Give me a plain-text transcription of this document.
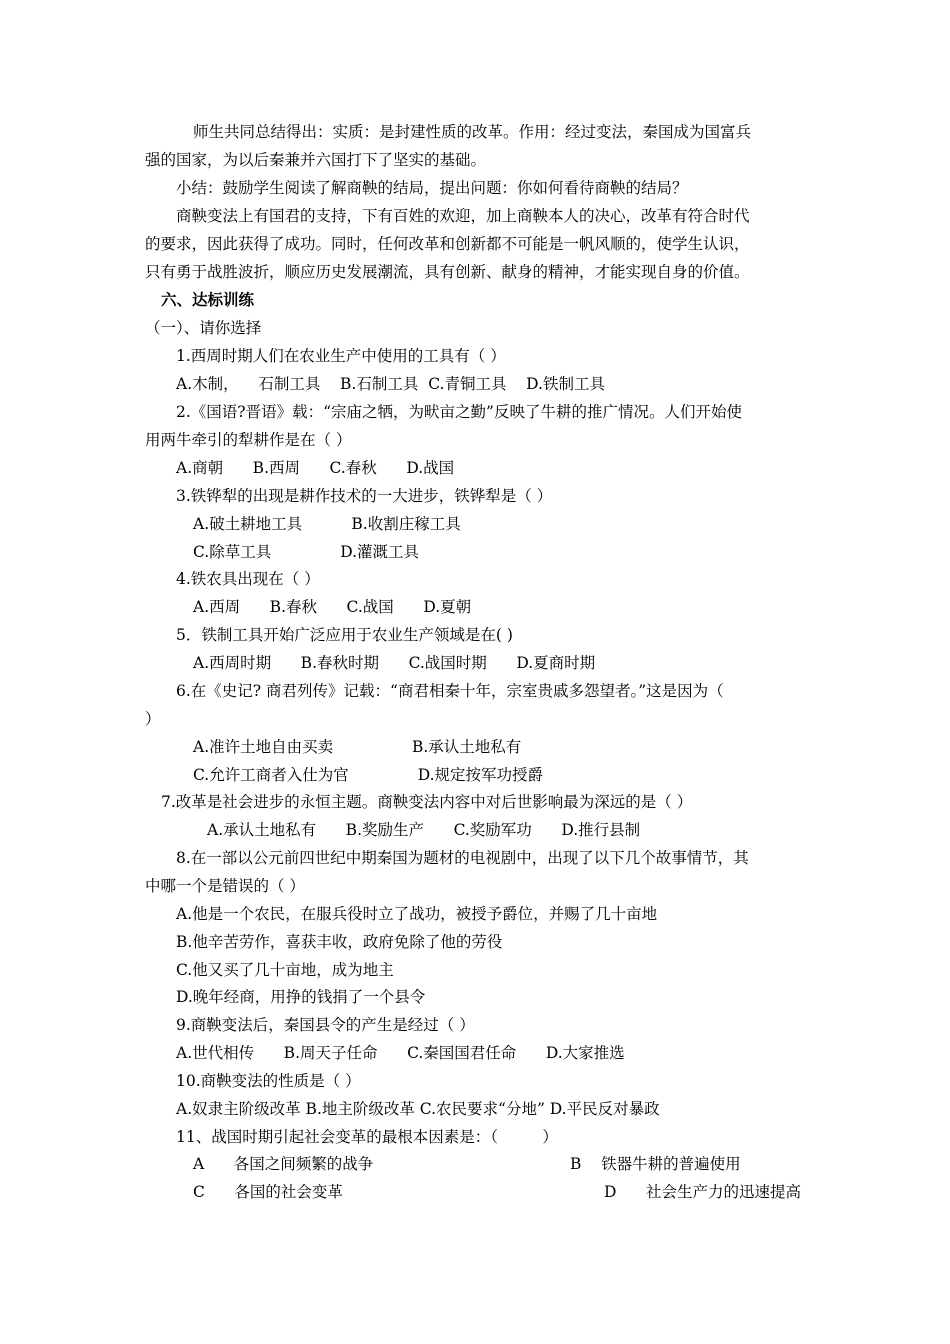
师生共同总结得出：实质：是封建性质的改革。作用：经过变法，秦国成为国富兵
强的国家，为以后秦兼并六国打下了坚实的基础。
小结：鼓励学生阅读了解商鞅的结局，提出问题：你如何看待商鞅的结局？
商鞅变法上有国君的支持，下有百姓的欢迎，加上商鞅本人的决心，改革有符合时代
的要求，因此获得了成功。同时，任何改革和创新都不可能是一帆风顺的，使学生认识，
只有勇于战胜波折，顺应历史发展潮流，具有创新、献身的精神，才能实现自身的价值。
六、达标训练
（一）、请你选择
1.西周时期人们在农业生产中使用的工具有（ ）
A.木制，    石制工具    B.石制工具  C.青铜工具    D.铁制工具
2.《国语?晋语》载：“宗庙之牺，为畎亩之勤”反映了牛耕的推广情况。人们开始使
用两牛牵引的犁耕作是在（ ）
A.商朝      B.西周      C.春秋      D.战国
3.铁铧犁的出现是耕作技术的一大进步，铁铧犁是（ ）
A.破土耕地工具          B.收割庄稼工具
C.除草工具              D.灌溉工具
4.铁农具出现在（ ）
A.西周      B.春秋      C.战国      D.夏朝
5．铁制工具开始广泛应用于农业生产领域是在( )
A.西周时期      B.春秋时期      C.战国时期      D.夏商时期
6.在《史记? 商君列传》记载：“商君相秦十年，宗室贵戚多怨望者。”这是因为（
）
A.准许土地自由买卖                B.承认土地私有
C.允许工商者入仕为官              D.规定按军功授爵
7.改革是社会进步的永恒主题。商鞅变法内容中对后世影响最为深远的是（ ）
A.承认土地私有      B.奖励生产      C.奖励军功      D.推行县制
8.在一部以公元前四世纪中期秦国为题材的电视剧中，出现了以下几个故事情节，其
中哪一个是错误的（ ）
A.他是一个农民，在服兵役时立了战功，被授予爵位，并赐了几十亩地
B.他辛苦劳作，喜获丰收，政府免除了他的劳役
C.他又买了几十亩地，成为地主
D.晚年经商，用挣的钱捐了一个县令
9.商鞅变法后，秦国县令的产生是经过（ ）
A.世代相传      B.周天子任命      C.秦国国君任命      D.大家推选
10.商鞅变法的性质是（ ）
A.奴隶主阶级改革 B.地主阶级改革 C.农民要求“分地” D.平民反对暴政
11、战国时期引起社会变革的最根本因素是：（         ）
A      各国之间频繁的战争	B    铁器牛耕的普遍使用
C      各国的社会变革	D      社会生产力的迅速提高
